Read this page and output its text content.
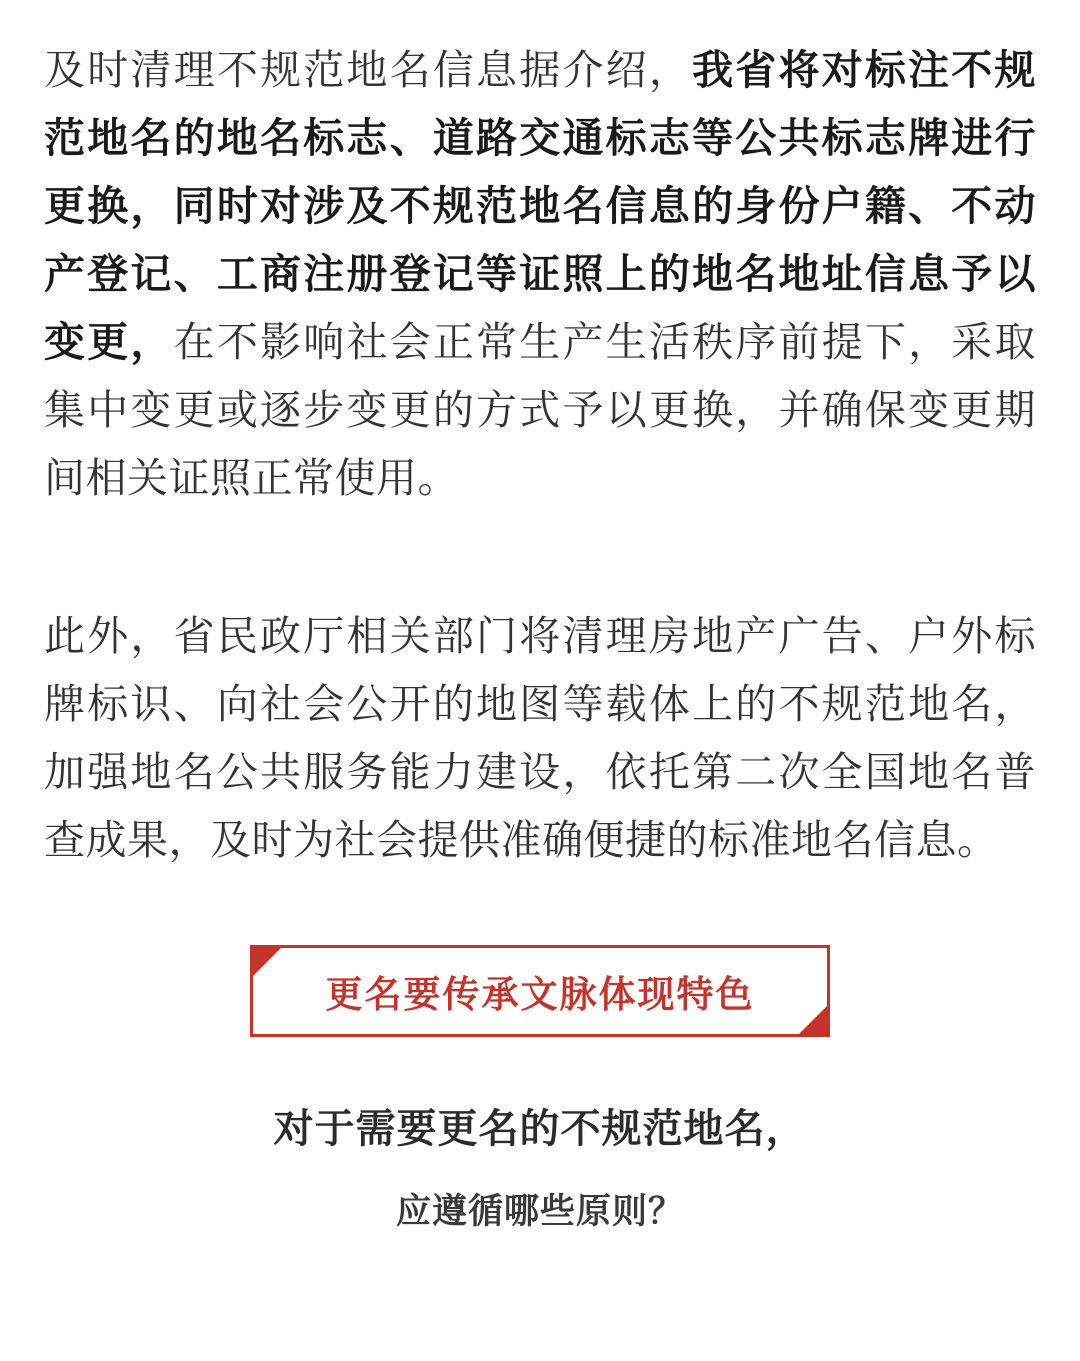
及时清理不规范地名信息据介绍，我省将对标注不规范地名的地名标志、道路交通标志等公共标志牌进行更换，同时对涉及不规范地名信息的身份户籍、不动产登记、工商注册登记等证照上的地名地址信息予以变更，在不影响社会正常生产生活秩序前提下，采取集中变更或逐步变更的方式予以更换，并确保变更期间相关证照正常使用。

此外，省民政厅相关部门将清理房地产广告、户外标牌标识、向社会公开的地图等载体上的不规范地名，加强地名公共服务能力建设，依托第二次全国地名普查成果，及时为社会提供准确便捷的标准地名信息。

更名要传承文脉体现特色
对于需要更名的不规范地名，
应遵循哪些原则？
